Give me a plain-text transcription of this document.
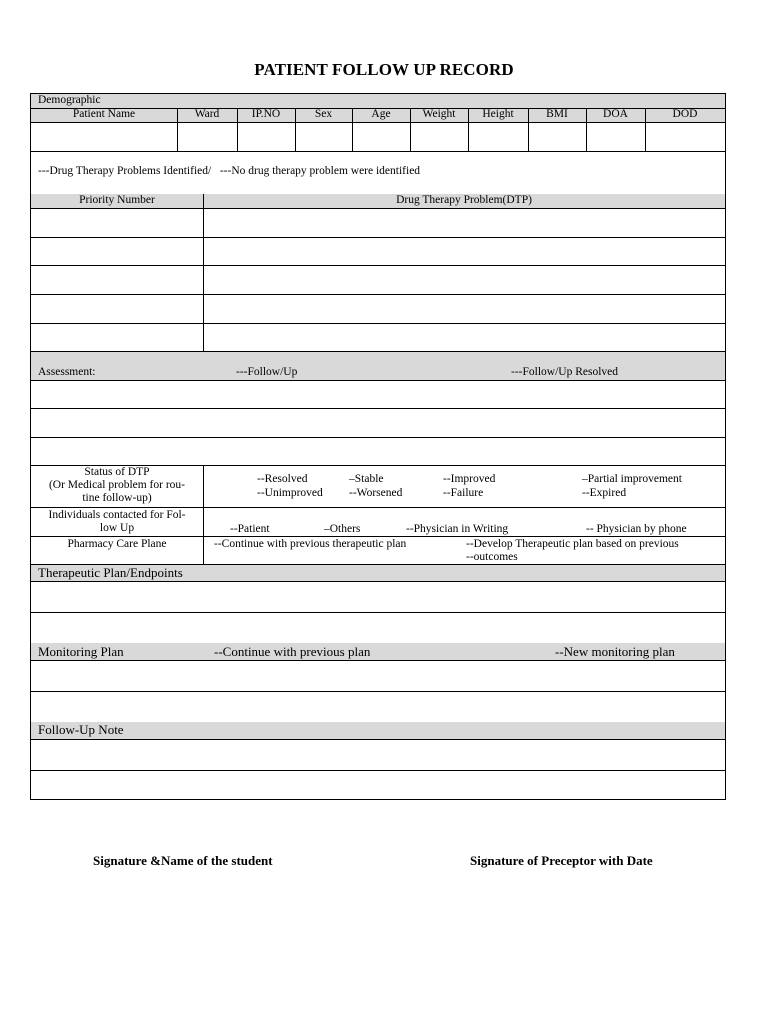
PATIENT FOLLOW UP RECORD
Demographic
Patient Name	Ward	IP.NO	Sex	Age	Weight	Height	BMI	DOA	DOD
---Drug Therapy Problems Identified/ ---No drug therapy problem were identified
Priority Number	Drug Therapy Problem(DTP)
Assessment:	---Follow/Up	---Follow/Up Resolved
Status of DTP
(Or Medical problem for rou-
tine follow-up)
--Resolved	–Stable	--Improved	–Partial improvement
--Unimproved --Worsened	--Failure	--Expired
Individuals contacted for Fol-
low Up	--Patient	–Others	--Physician in Writing	-- Physician by phone
Pharmacy Care Plane	--Continue with previous therapeutic plan	--Develop Therapeutic plan based on previous
--outcomes
Therapeutic Plan/Endpoints
Monitoring Plan	--Continue with previous plan	--New monitoring plan
Follow-Up Note
Signature &Name of the student	Signature of Preceptor with Date
